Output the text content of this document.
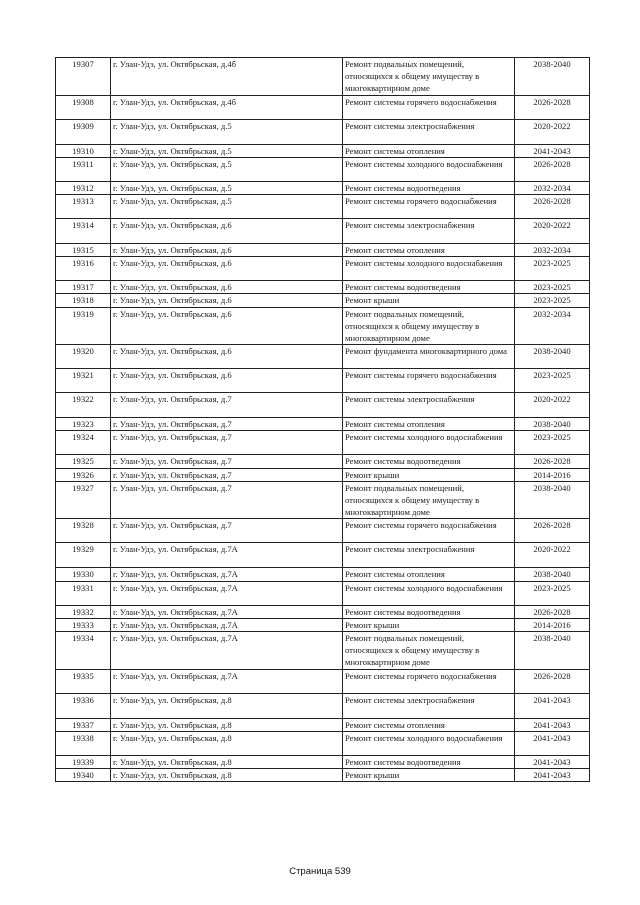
19307	г. Улан-Удэ, ул. Октябрьская, д.4б	Ремонт подвальных помещений, относящихся к общему имуществу в многоквартирном доме	2038-2040
19308	г. Улан-Удэ, ул. Октябрьская, д.4б	Ремонт системы горячего водоснабжения	2026-2028
19309	г. Улан-Удэ, ул. Октябрьская, д.5	Ремонт системы электроснабжения	2020-2022
19310	г. Улан-Удэ, ул. Октябрьская, д.5	Ремонт системы отопления	2041-2043
19311	г. Улан-Удэ, ул. Октябрьская, д.5	Ремонт системы холодного водоснабжения	2026-2028
19312	г. Улан-Удэ, ул. Октябрьская, д.5	Ремонт системы водоотведения	2032-2034
19313	г. Улан-Удэ, ул. Октябрьская, д.5	Ремонт системы горячего водоснабжения	2026-2028
19314	г. Улан-Удэ, ул. Октябрьская, д.6	Ремонт системы электроснабжения	2020-2022
19315	г. Улан-Удэ, ул. Октябрьская, д.6	Ремонт системы отопления	2032-2034
19316	г. Улан-Удэ, ул. Октябрьская, д.6	Ремонт системы холодного водоснабжения	2023-2025
19317	г. Улан-Удэ, ул. Октябрьская, д.6	Ремонт системы водоотведения	2023-2025
19318	г. Улан-Удэ, ул. Октябрьская, д.6	Ремонт крыши	2023-2025
19319	г. Улан-Удэ, ул. Октябрьская, д.6	Ремонт подвальных помещений, относящихся к общему имуществу в многоквартирном доме	2032-2034
19320	г. Улан-Удэ, ул. Октябрьская, д.6	Ремонт фундамента многоквартирного дома	2038-2040
19321	г. Улан-Удэ, ул. Октябрьская, д.6	Ремонт системы горячего водоснабжения	2023-2025
19322	г. Улан-Удэ, ул. Октябрьская, д.7	Ремонт системы электроснабжения	2020-2022
19323	г. Улан-Удэ, ул. Октябрьская, д.7	Ремонт системы отопления	2038-2040
19324	г. Улан-Удэ, ул. Октябрьская, д.7	Ремонт системы холодного водоснабжения	2023-2025
19325	г. Улан-Удэ, ул. Октябрьская, д.7	Ремонт системы водоотведения	2026-2028
19326	г. Улан-Удэ, ул. Октябрьская, д.7	Ремонт крыши	2014-2016
19327	г. Улан-Удэ, ул. Октябрьская, д.7	Ремонт подвальных помещений, относящихся к общему имуществу в многоквартирном доме	2038-2040
19328	г. Улан-Удэ, ул. Октябрьская, д.7	Ремонт системы горячего водоснабжения	2026-2028
19329	г. Улан-Удэ, ул. Октябрьская, д.7А	Ремонт системы электроснабжения	2020-2022
19330	г. Улан-Удэ, ул. Октябрьская, д.7А	Ремонт системы отопления	2038-2040
19331	г. Улан-Удэ, ул. Октябрьская, д.7А	Ремонт системы холодного водоснабжения	2023-2025
19332	г. Улан-Удэ, ул. Октябрьская, д.7А	Ремонт системы водоотведения	2026-2028
19333	г. Улан-Удэ, ул. Октябрьская, д.7А	Ремонт крыши	2014-2016
19334	г. Улан-Удэ, ул. Октябрьская, д.7А	Ремонт подвальных помещений, относящихся к общему имуществу в многоквартирном доме	2038-2040
19335	г. Улан-Удэ, ул. Октябрьская, д.7А	Ремонт системы горячего водоснабжения	2026-2028
19336	г. Улан-Удэ, ул. Октябрьская, д.8	Ремонт системы электроснабжения	2041-2043
19337	г. Улан-Удэ, ул. Октябрьская, д.8	Ремонт системы отопления	2041-2043
19338	г. Улан-Удэ, ул. Октябрьская, д.8	Ремонт системы холодного водоснабжения	2041-2043
19339	г. Улан-Удэ, ул. Октябрьская, д.8	Ремонт системы водоотведения	2041-2043
19340	г. Улан-Удэ, ул. Октябрьская, д.8	Ремонт крыши	2041-2043
Страница 539
